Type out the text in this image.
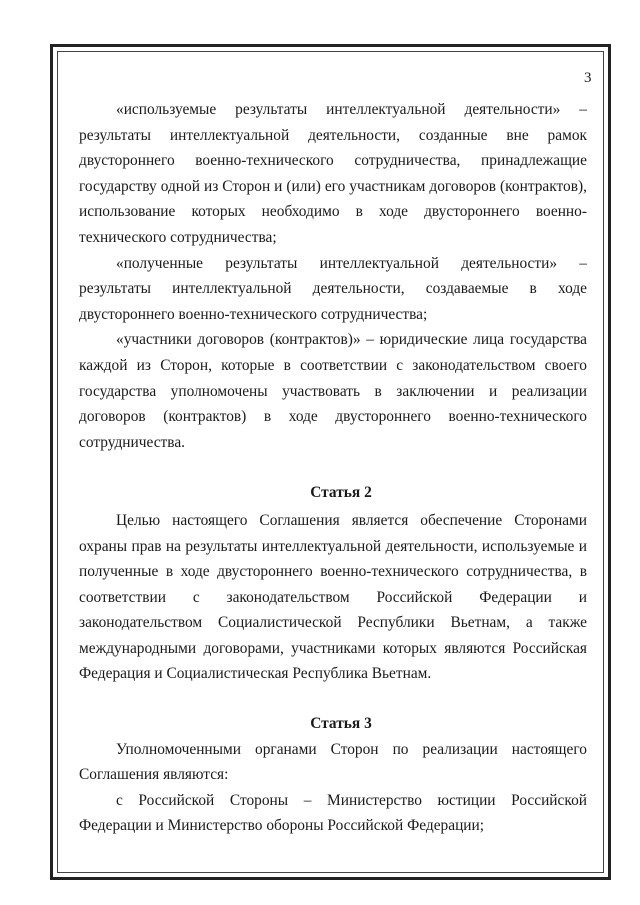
3
«используемые результаты интеллектуальной деятельности» –
результаты интеллектуальной деятельности, созданные вне рамок
двустороннего военно-технического сотрудничества, принадлежащие
государству одной из Сторон и (или) его участникам договоров (контрактов),
использование которых необходимо в ходе двустороннего военно-
технического сотрудничества;
«полученные результаты интеллектуальной деятельности» –
результаты интеллектуальной деятельности, создаваемые в ходе
двустороннего военно-технического сотрудничества;
«участники договоров (контрактов)» – юридические лица государства
каждой из Сторон, которые в соответствии с законодательством своего
государства уполномочены участвовать в заключении и реализации
договоров (контрактов) в ходе двустороннего военно-технического
сотрудничества.

Статья 2

Целью настоящего Соглашения является обеспечение Сторонами
охраны прав на результаты интеллектуальной деятельности, используемые и
полученные в ходе двустороннего военно-технического сотрудничества, в
соответствии с законодательством Российской Федерации и
законодательством Социалистической Республики Вьетнам, а также
международными договорами, участниками которых являются Российская
Федерация и Социалистическая Республика Вьетнам.

Статья 3

Уполномоченными органами Сторон по реализации настоящего
Соглашения являются:
с Российской Стороны – Министерство юстиции Российской
Федерации и Министерство обороны Российской Федерации;
